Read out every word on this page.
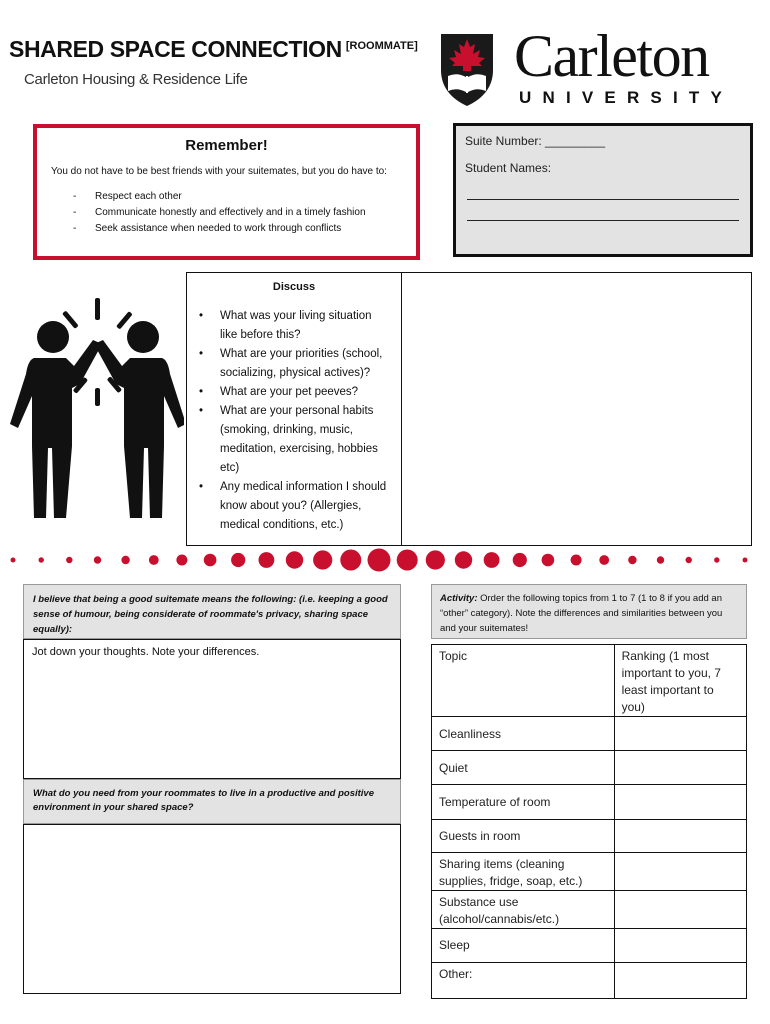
SHARED SPACE CONNECTION [ROOMMATE]
Carleton Housing & Residence Life	Carleton
UNIVERSITY
Remember!
You do not have to be best friends with your suitemates, but you do have to:
- Respect each other
- Communicate honestly and effectively and in a timely fashion
- Seek assistance when needed to work through conflicts
Suite Number: _________
Student Names:
Discuss
• What was your living situation like before this?
• What are your priorities (school, socializing, physical actives)?
• What are your pet peeves?
• What are your personal habits (smoking, drinking, music, meditation, exercising, hobbies etc)
• Any medical information I should know about you? (Allergies, medical conditions, etc.)
I believe that being a good suitemate means the following: (i.e. keeping a good sense of humour, being considerate of roommate's privacy, sharing space equally):
Jot down your thoughts. Note your differences.
What do you need from your roommates to live in a productive and positive environment in your shared space?
Activity: Order the following topics from 1 to 7 (1 to 8 if you add an “other” category). Note the differences and similarities between you and your suitemates!
Topic	Ranking (1 most important to you, 7 least important to you)
Cleanliness	
Quiet	
Temperature of room	
Guests in room	
Sharing items (cleaning supplies, fridge, soap, etc.)	
Substance use (alcohol/cannabis/etc.)	
Sleep	
Other:	
